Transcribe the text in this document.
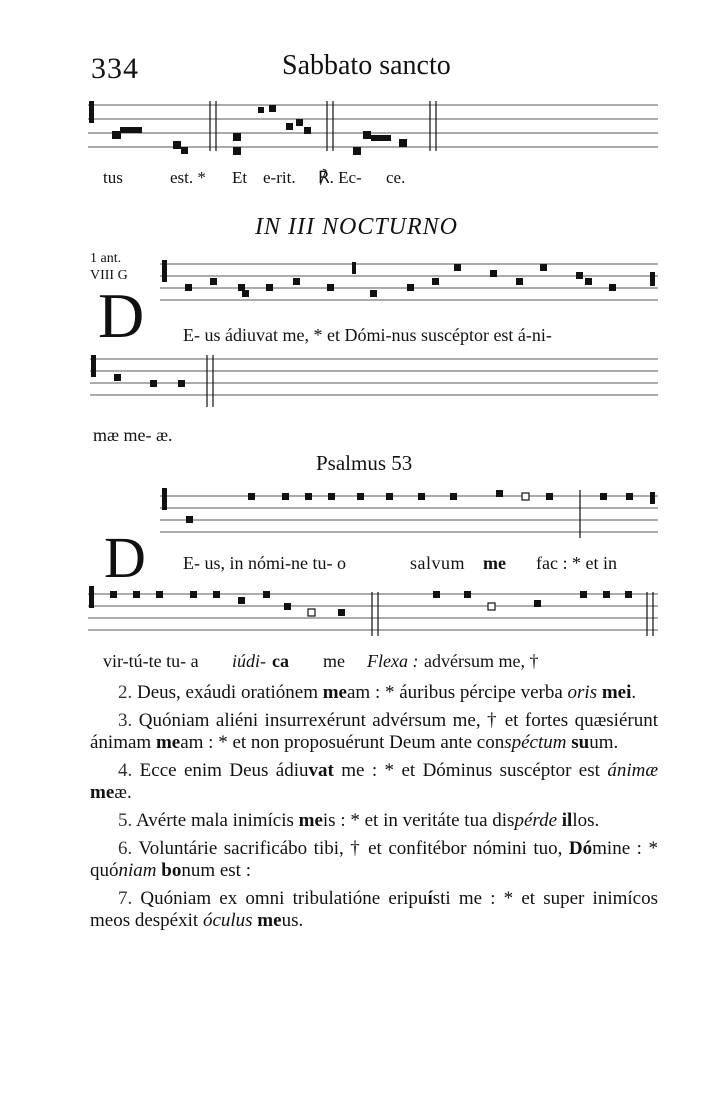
334	Sabbato sancto
tus	est. * Et e-rit. ℟. Ec- ce.
IN III NOCTURNO
1 ant.
VIII G
D E- us ádiuvat me, * et Dómi-nus suscéptor est á-ni-
mæ me- æ.
Psalmus 53
D E- us, in nómi-ne tu- o	salvum me fac : * et in
vir-tú-te tu- a iúdi- ca me Flexa : advérsum me, †
2. Deus, exáudi oratiónem meam : * áuribus pércipe verba oris mei.
3. Quóniam aliéni insurrexérunt advérsum me, † et fortes quæsiérunt ánimam meam : * et non proposuérunt Deum ante conspéctum suum.
4. Ecce enim Deus ádiuvat me : * et Dóminus suscéptor est ánimæ meæ.
5. Avérte mala inimícis meis : * et in veritáte tua dispérde illos.
6. Voluntárie sacrificábo tibi, † et confitébor nómini tuo, Dómine : * quóniam bonum est :
7. Quóniam ex omni tribulatióne eripuísti me : * et super inimícos meos despéxit óculus meus.
